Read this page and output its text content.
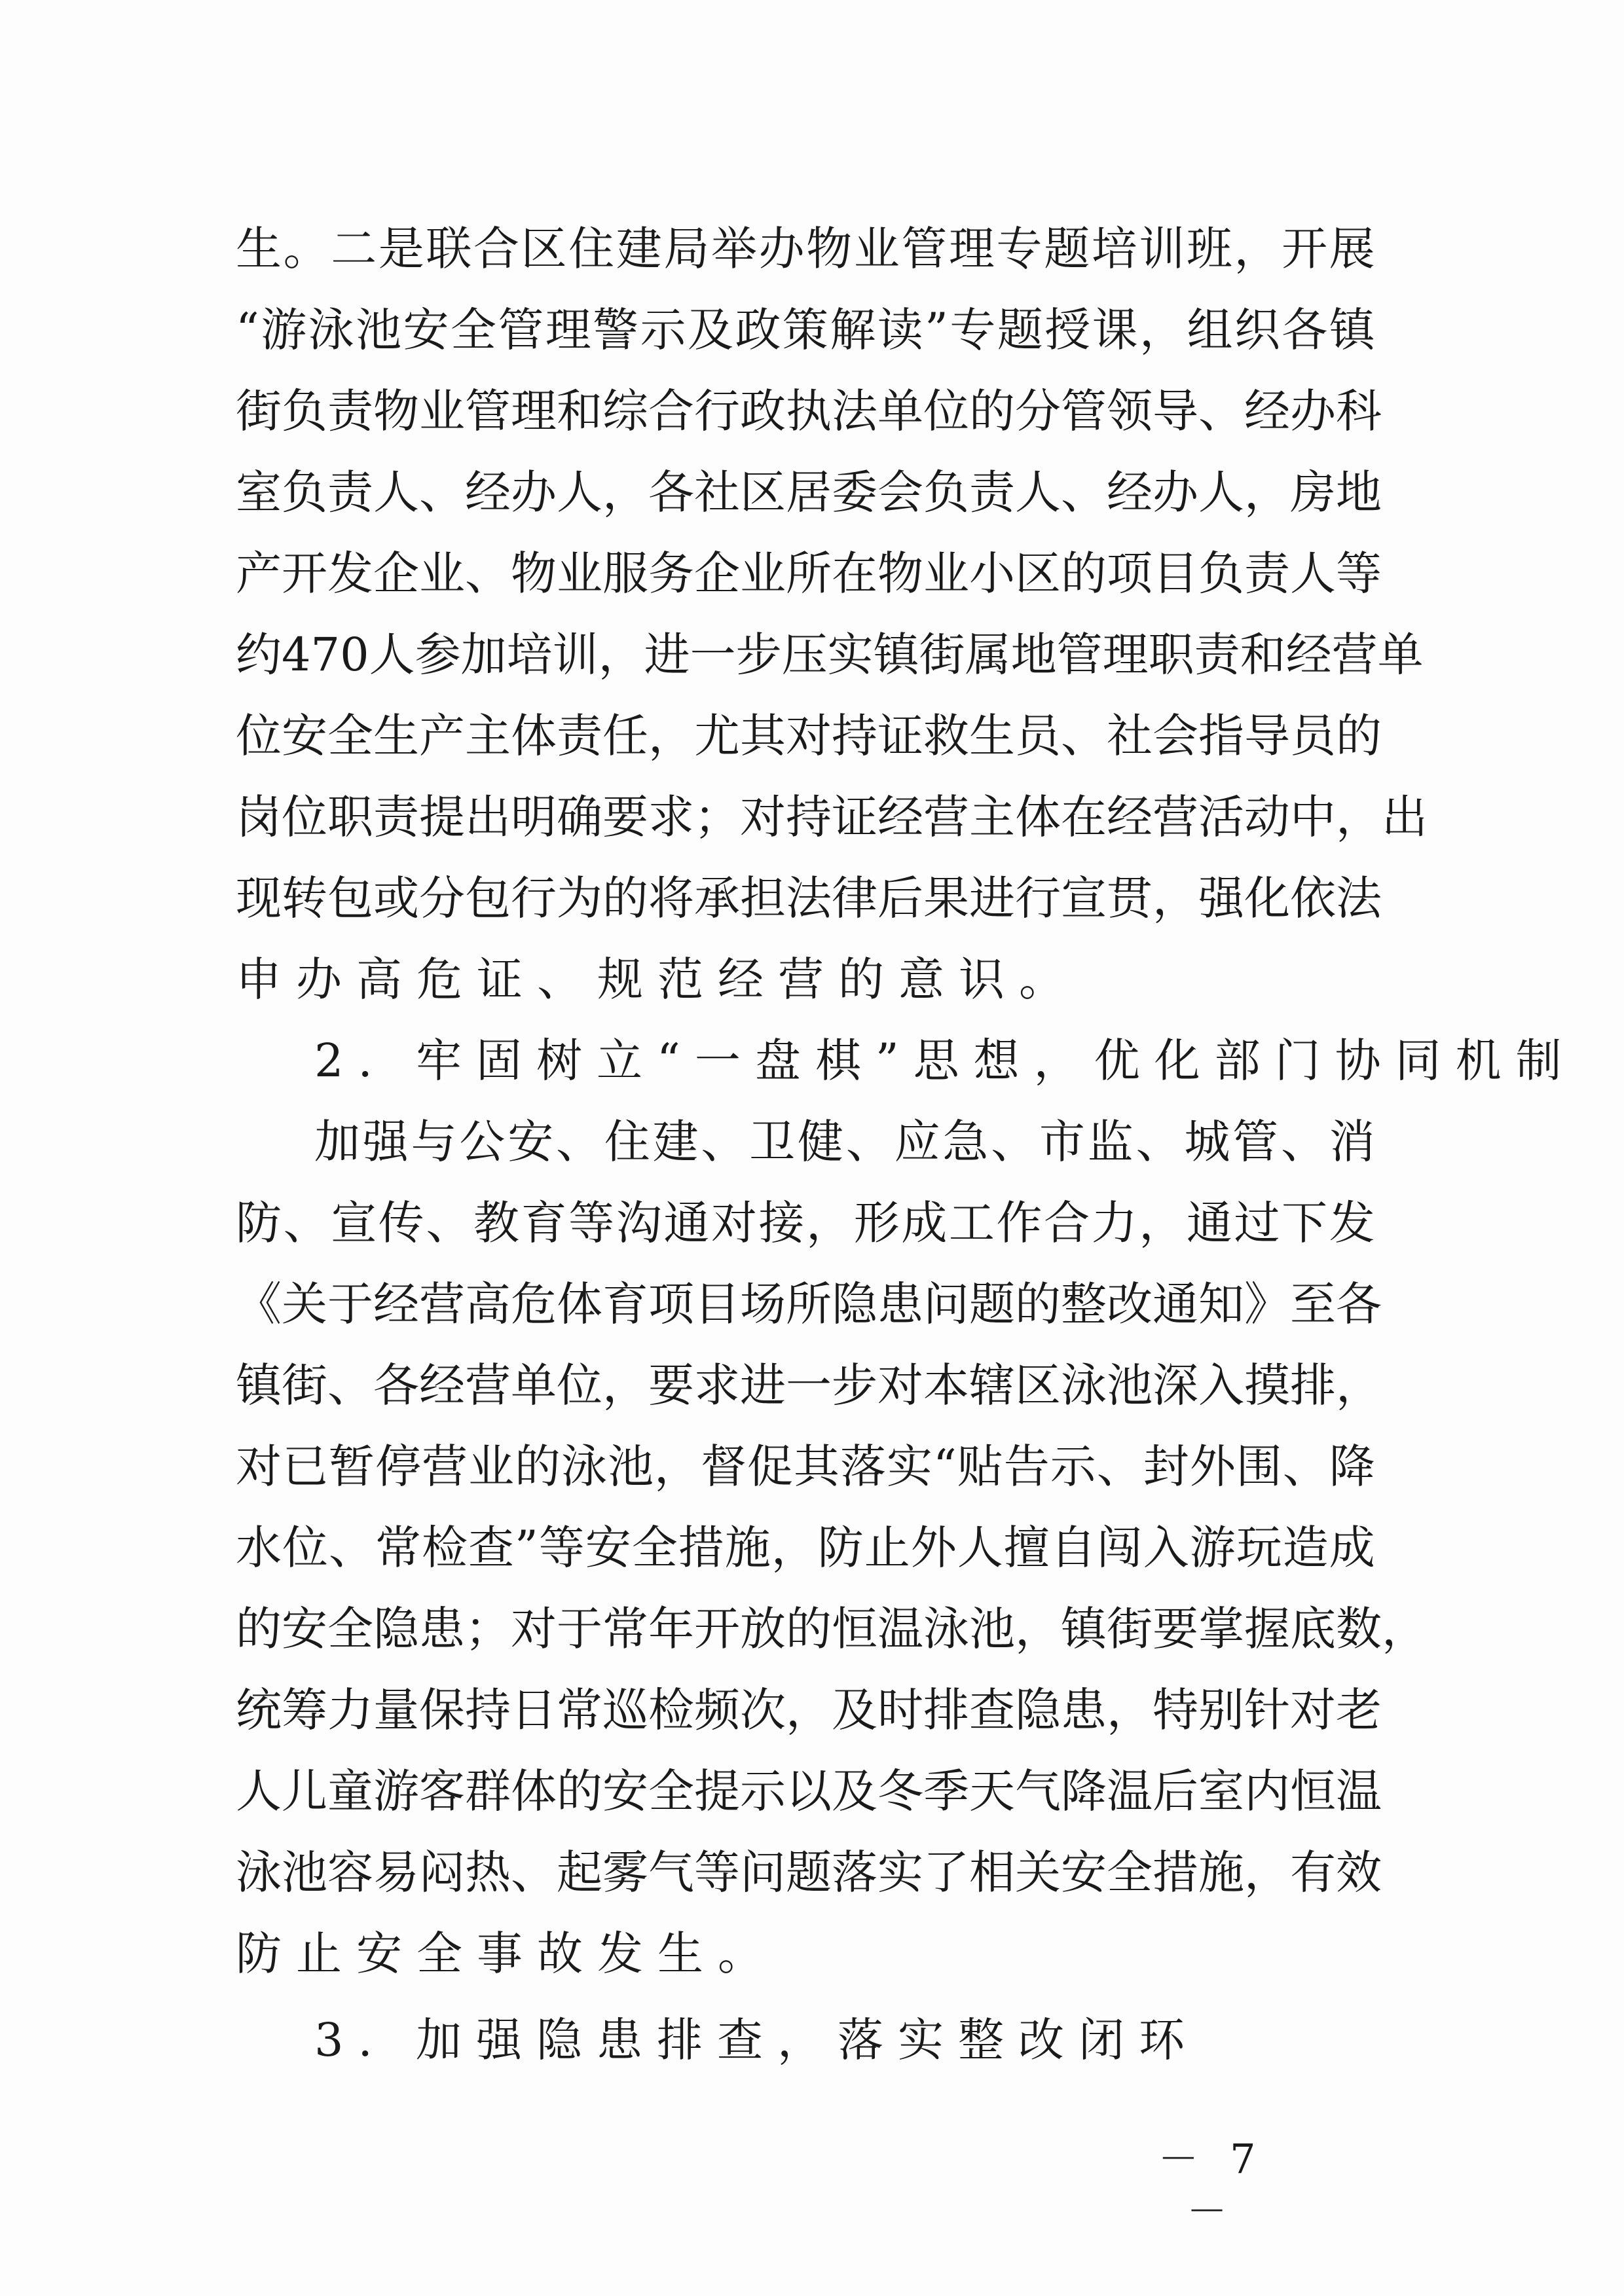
生 。 二 是 联 合 区 住 建 局 举 办 物 业 管 理 专 题 培 训 班 ， 开 展
“ 游 泳 池 安 全 管 理 警 示 及 政 策 解 读 ” 专 题 授 课 ， 组 织 各 镇
街 负 责 物 业 管 理 和 综 合 行 政 执 法 单 位 的 分 管 领 导 、 经 办 科
室 负 责 人 、 经 办 人 ， 各 社 区 居 委 会 负 责 人 、 经 办 人 ， 房 地
产 开 发 企 业 、 物 业 服 务 企 业 所 在 物 业 小 区 的 项 目 负 责 人 等
约 470 人 参 加 培 训 ， 进 一 步 压 实 镇 街 属 地 管 理 职 责 和 经 营 单
位 安 全 生 产 主 体 责 任 ， 尤 其 对 持 证 救 生 员 、 社 会 指 导 员 的
岗 位 职 责 提 出 明 确 要 求 ； 对 持 证 经 营 主 体 在 经 营 活 动 中 ， 出
现 转 包 或 分 包 行 为 的 将 承 担 法 律 后 果 进 行 宣 贯 ， 强 化 依 法
申办高危证、规范经营的意识。
2. 牢固树立“一盘棋”思想，优化部门协同机制
加 强 与 公 安 、 住 建 、 卫 健 、 应 急 、 市 监 、 城 管 、 消
防 、 宣 传 、 教 育 等 沟 通 对 接 ， 形 成 工 作 合 力 ， 通 过 下 发
《 关 于 经 营 高 危 体 育 项 目 场 所 隐 患 问 题 的 整 改 通 知 》 至 各
镇 街 、 各 经 营 单 位 ， 要 求 进 一 步 对 本 辖 区 泳 池 深 入 摸 排 ，
对 已 暂 停 营 业 的 泳 池 ， 督 促 其 落 实 “ 贴 告 示 、 封 外 围 、 降
水 位 、 常 检 查 ” 等 安 全 措 施 ， 防 止 外 人 擅 自 闯 入 游 玩 造 成
的 安 全 隐 患 ； 对 于 常 年 开 放 的 恒 温 泳 池 ， 镇 街 要 掌 握 底 数 ，
统 筹 力 量 保 持 日 常 巡 检 频 次 ， 及 时 排 查 隐 患 ， 特 别 针 对 老
人 儿 童 游 客 群 体 的 安 全 提 示 以 及 冬 季 天 气 降 温 后 室 内 恒 温
泳 池 容 易 闷 热 、 起 雾 气 等 问 题 落 实 了 相 关 安 全 措 施 ， 有 效
防止安全事故发生。
3. 加强隐患排查，落实整改闭环
－ 7 －
